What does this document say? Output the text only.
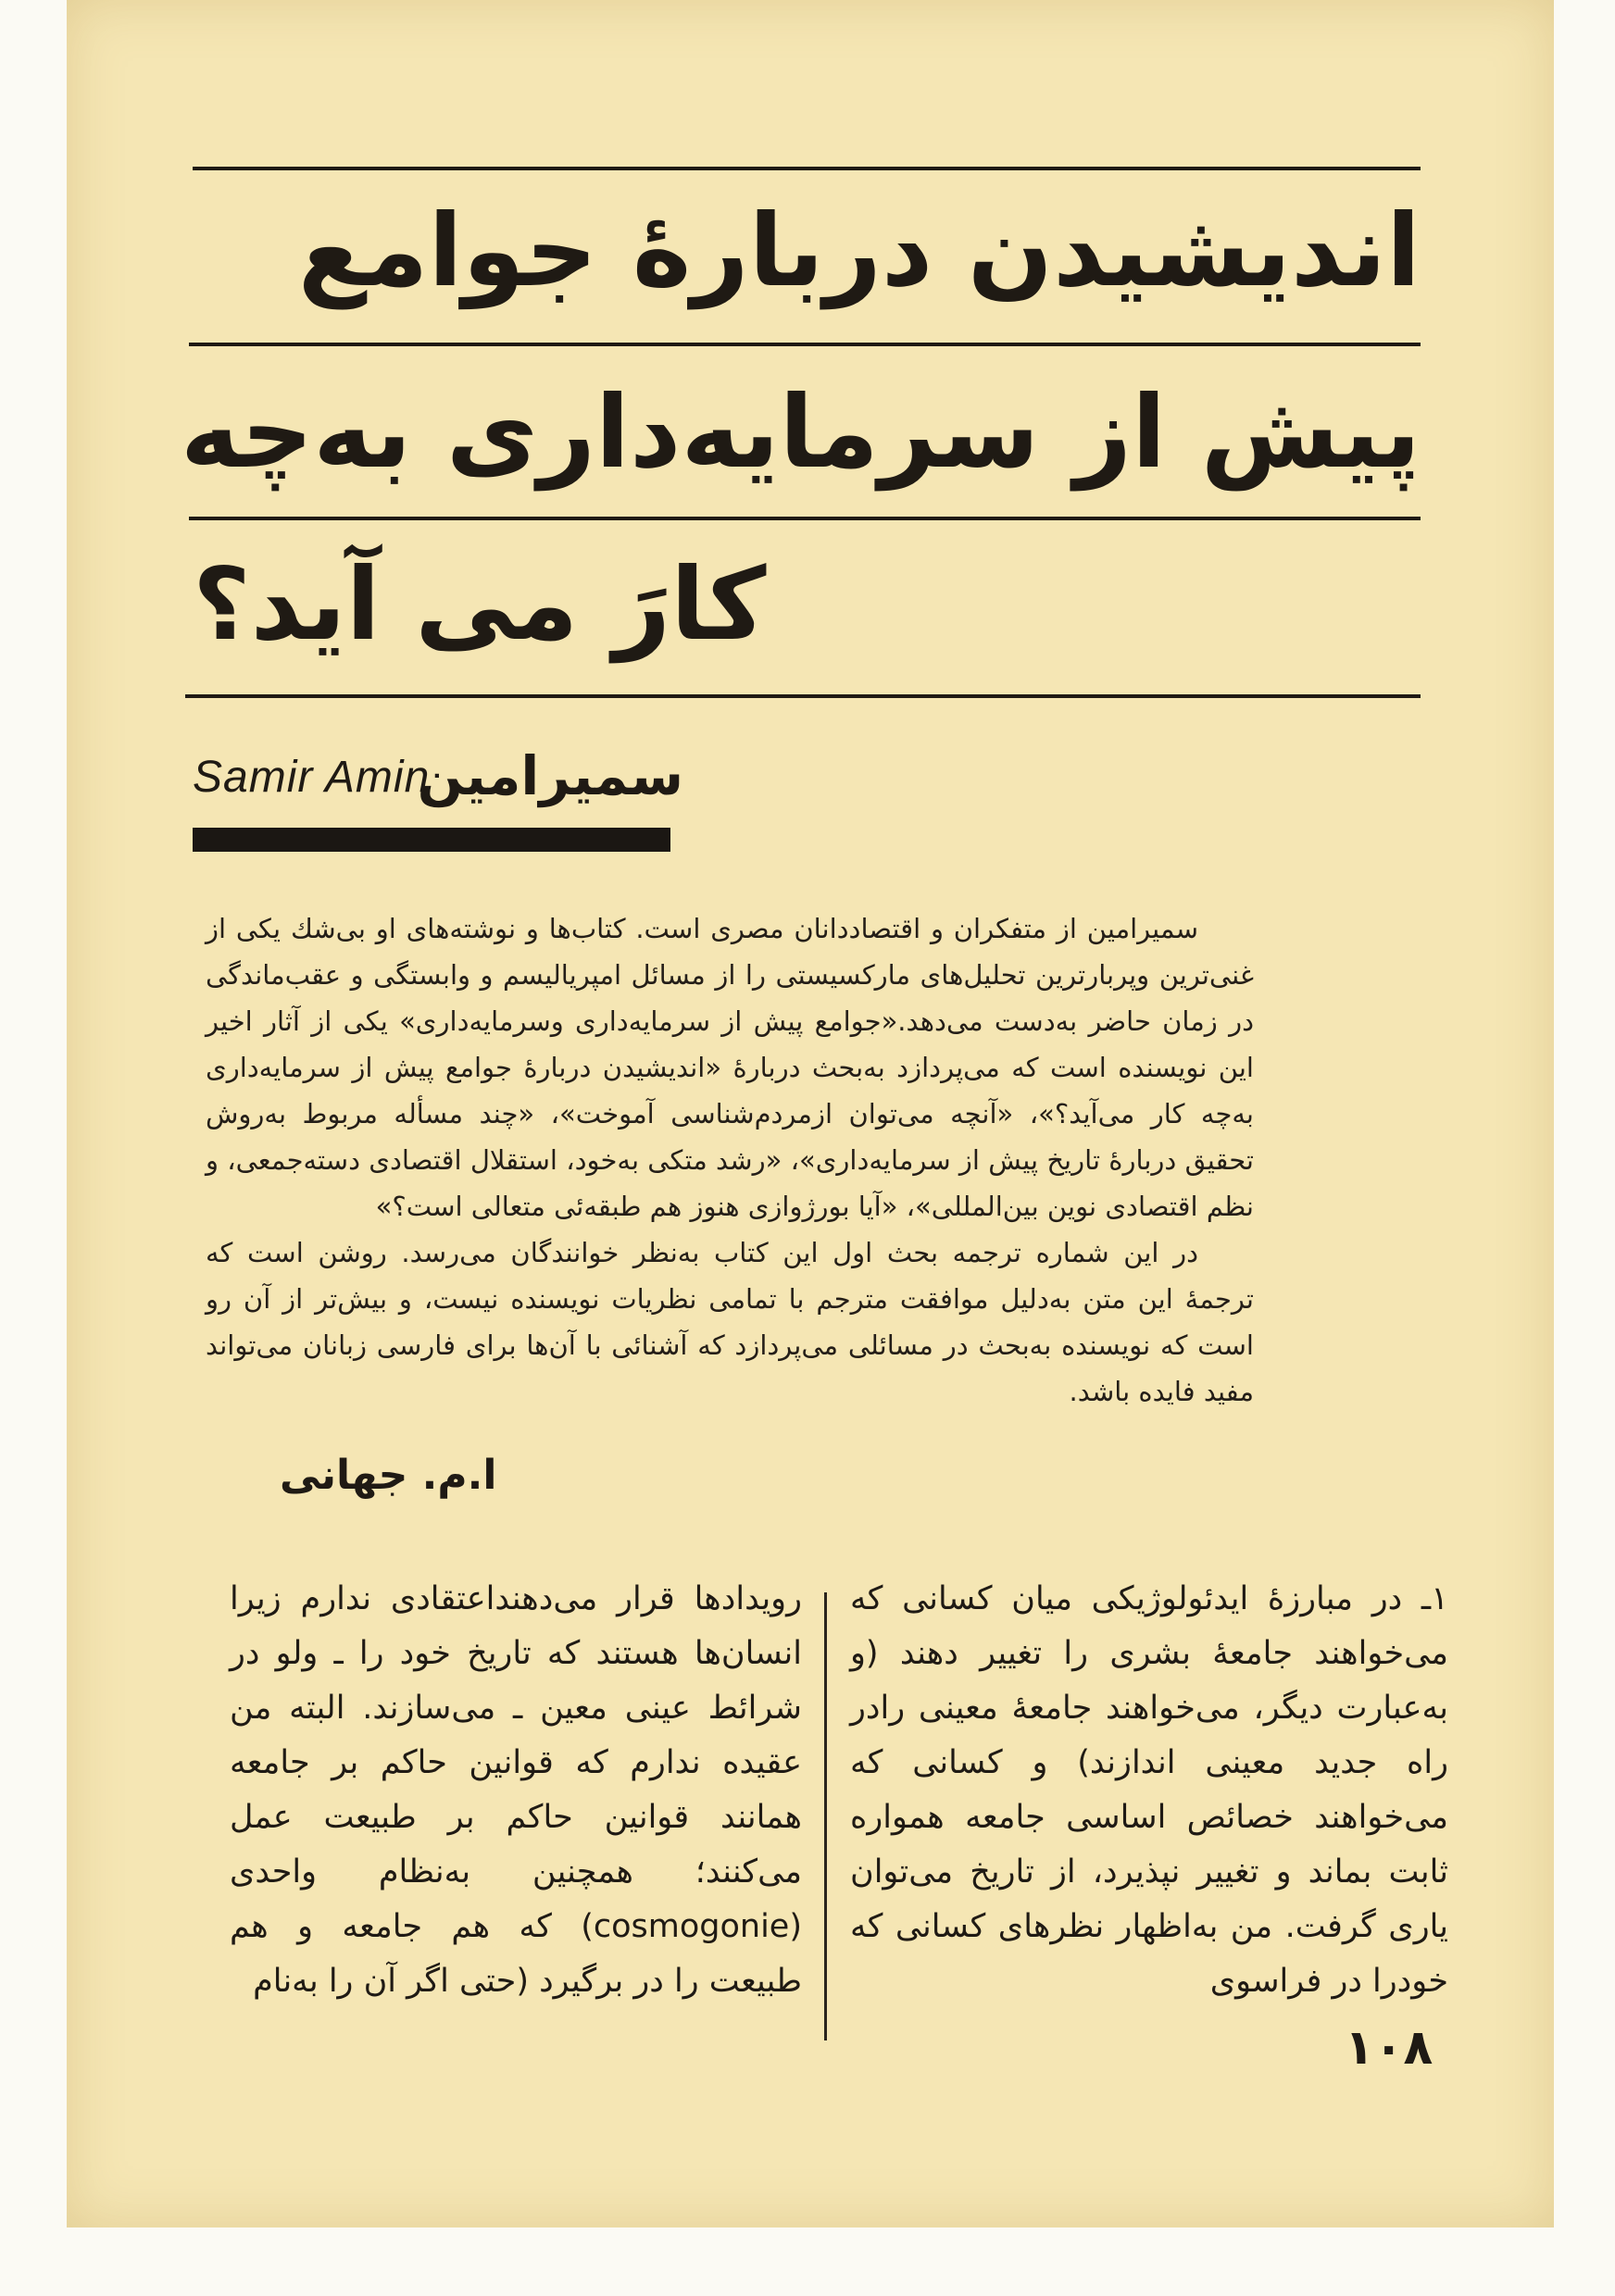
اندیشیدن دربارهٔ جوامع
پیش از سرمایه‌داری به‌چه
کارَ می آید؟
Samir Amin
سمیرامین

سمیرامین از متفکران و اقتصاددانان مصری است. کتاب‌ها و نوشته‌های او بی‌شك یکی از غنی‌ترین وپربارترین تحلیل‌های مارکسیستی را از مسائل امپریالیسم و وابستگی و عقب‌ماندگی در زمان حاضر به‌دست می‌دهد.«جوامع پیش از سرمایه‌داری وسرمایه‌داری» یکی از آثار اخیر این نویسنده است که می‌پردازد به‌بحث دربارهٔ «اندیشیدن دربارهٔ جوامع پیش از سرمایه‌داری به‌چه کار می‌آید؟»، «آنچه می‌توان ازمردم‌شناسی آموخت»، «چند مسأله مربوط به‌روش تحقیق دربارهٔ تاریخ پیش از سرمایه‌داری»، «رشد متکی به‌خود، استقلال اقتصادی دسته‌جمعی، و نظم اقتصادی نوین بین‌المللی»، «آیا بورژوازی هنوز هم طبقه‌ئی متعالی است؟»

در این شماره ترجمه بحث اول این کتاب به‌نظر خوانندگان می‌رسد. روشن است که ترجمهٔ این متن به‌دلیل موافقت مترجم با تمامی نظریات نویسنده نیست، و بیش‌تر از آن رو است که نویسنده به‌بحث در مسائلی می‌پردازد که آشنائی با آن‌ها برای فارسی زبانان می‌تواند مفید فایده باشد.

ا.م. جهانی

۱ـ در مبارزهٔ ایدئولوژیکی میان کسانی که می‌خواهند جامعهٔ بشری را تغییر دهند (و به‌عبارت دیگر، می‌خواهند جامعهٔ معینی رادر راه جدید معینی اندازند) و کسانی که می‌خواهند خصائص اساسی جامعه همواره ثابت بماند و تغییر نپذیرد، از تاریخ می‌توان یاری گرفت. من به‌اظهار نظرهای کسانی که خودرا در فراسوی

رویدادها قرار می‌دهنداعتقادی ندارم زیرا انسان‌ها هستند که تاریخ خود را ـ ولو در شرائط عینی معین ـ می‌سازند. البته من عقیده ندارم که قوانین حاکم بر جامعه همانند قوانین حاکم بر طبیعت عمل می‌کنند؛ همچنین به‌نظام واحدی (cosmogonie) که هم جامعه و هم طبیعت را در برگیرد (حتی اگر آن را به‌نام

۱۰۸
